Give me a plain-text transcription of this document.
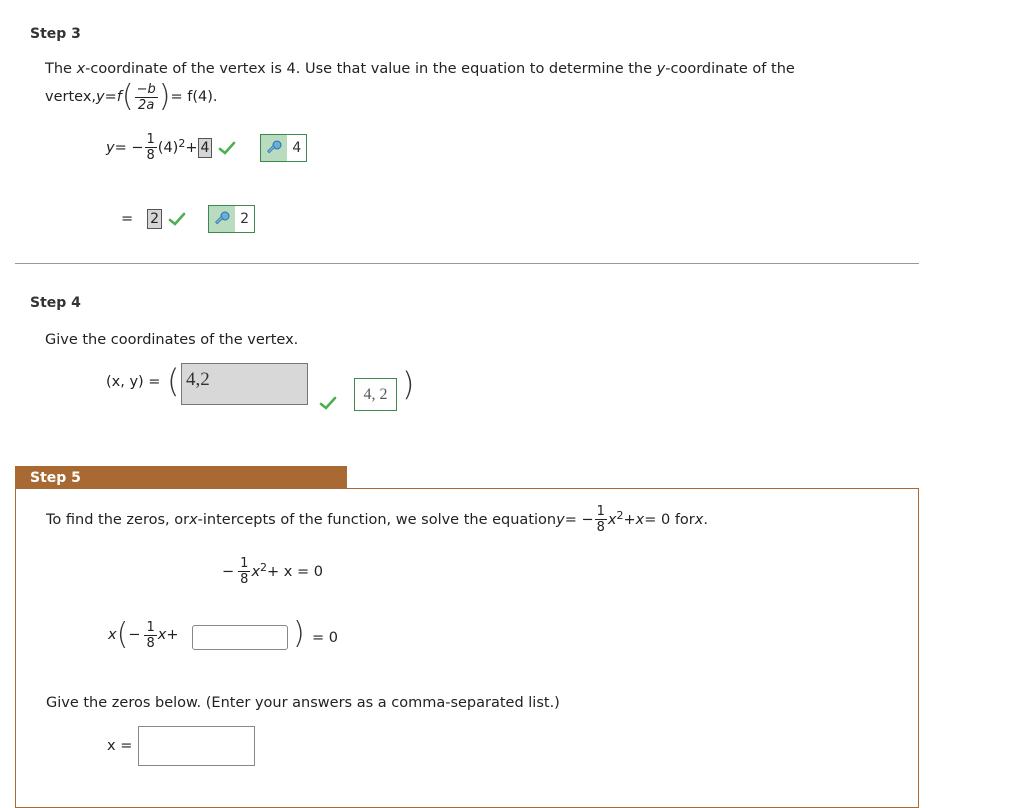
Step 3
The x-coordinate of the vertex is 4. Use that value in the equation to determine the y-coordinate of the
vertex, y = f ( $\frac{-b}{2a}$ ) = f(4).
y = − $\frac{1}{8} (4)^2 + 4$	4
= 2	2
Step 4
Give the coordinates of the vertex.
(x, y) = ( 4,2
4, 2 )
Step 5
To find the zeros, or x -intercepts of the function, we solve the equation y = − $\frac{1}{8} x^2 + x = 0$ for x .
− $\frac{1}{8} x^2 + x = 0$
x ( − $\frac{1}{8}$ x +	) = 0
Give the zeros below. (Enter your answers as a comma-separated list.)
x =
